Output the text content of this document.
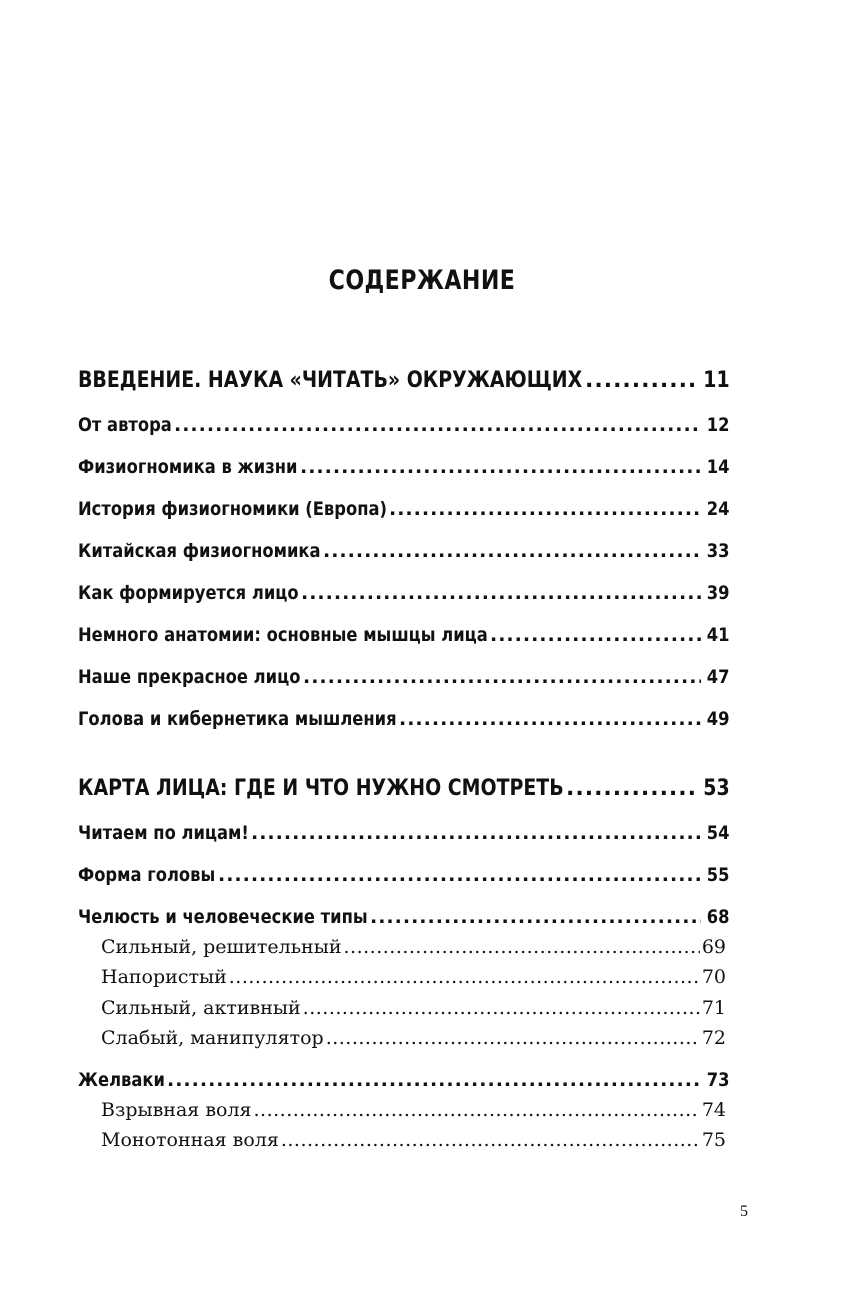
СОДЕРЖАНИЕ
ВВЕДЕНИЕ. НАУКА «ЧИТАТЬ» ОКРУЖАЮЩИХ .....	11
От автора .....	12
Физиогномика в жизни .....	14
История физиогномики (Европа) .....	24
Китайская физиогномика .....	33
Как формируется лицо .....	39
Немного анатомии: основные мышцы лица .....	41
Наше прекрасное лицо .....	47
Голова и кибернетика мышления .....	49
КАРТА ЛИЦА: ГДЕ И ЧТО НУЖНО СМОТРЕТЬ .....	53
Читаем по лицам! .....	54
Форма головы .....	55
Челюсть и человеческие типы .....	68
Сильный, решительный .....	69
Напористый .....	70
Сильный, активный .....	71
Слабый, манипулятор .....	72
Желваки .....	73
Взрывная воля .....	74
Монотонная воля .....	75
5
